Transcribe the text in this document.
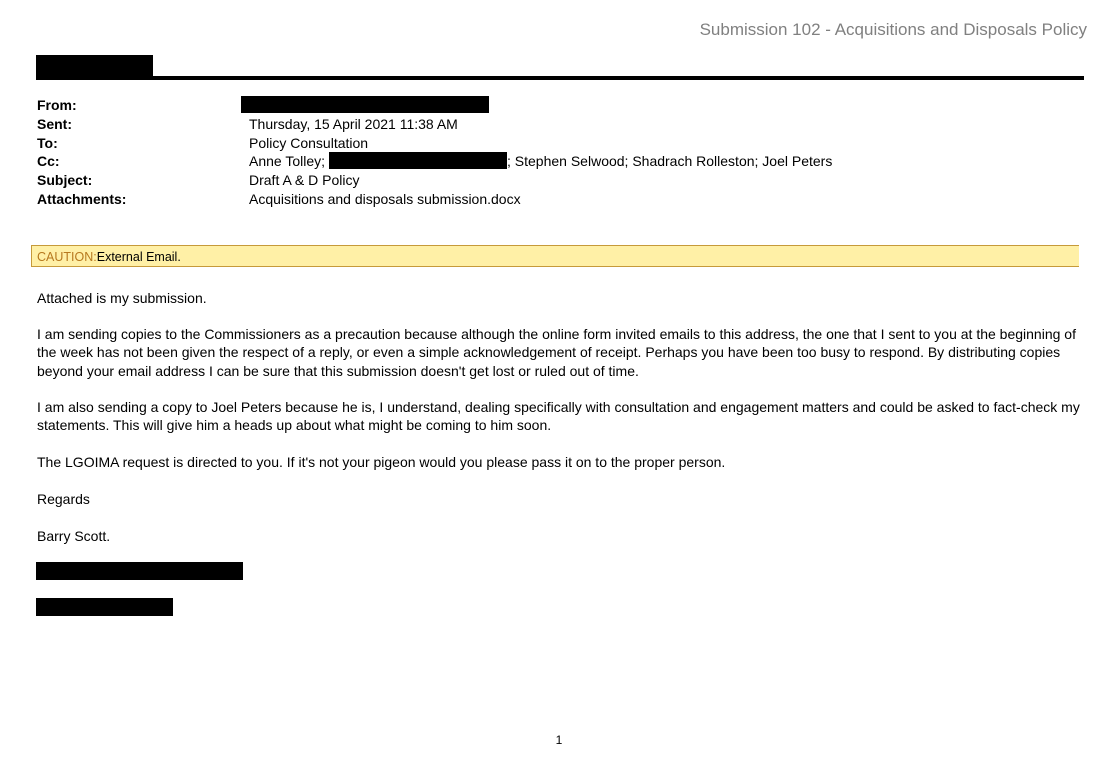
Submission 102 - Acquisitions and Disposals Policy
From:
Sent:	Thursday, 15 April 2021 11:38 AM
To:	Policy Consultation
Cc:	Anne Tolley;	; Stephen Selwood; Shadrach Rolleston; Joel Peters
Subject:	Draft A & D Policy
Attachments:	Acquisitions and disposals submission.docx
CAUTION:External Email.
Attached is my submission.
I am sending copies to the Commissioners as a precaution because although the online form invited emails to this address, the one that I sent to you at the beginning of the week has not been given the respect of a reply, or even a simple acknowledgement of receipt. Perhaps you have been too busy to respond. By distributing copies beyond your email address I can be sure that this submission doesn't get lost or ruled out of time.
I am also sending a copy to Joel Peters because he is, I understand, dealing specifically with consultation and engagement matters and could be asked to fact-check my statements. This will give him a heads up about what might be coming to him soon.
The LGOIMA request is directed to you. If it's not your pigeon would you please pass it on to the proper person.
Regards
Barry Scott.
1
